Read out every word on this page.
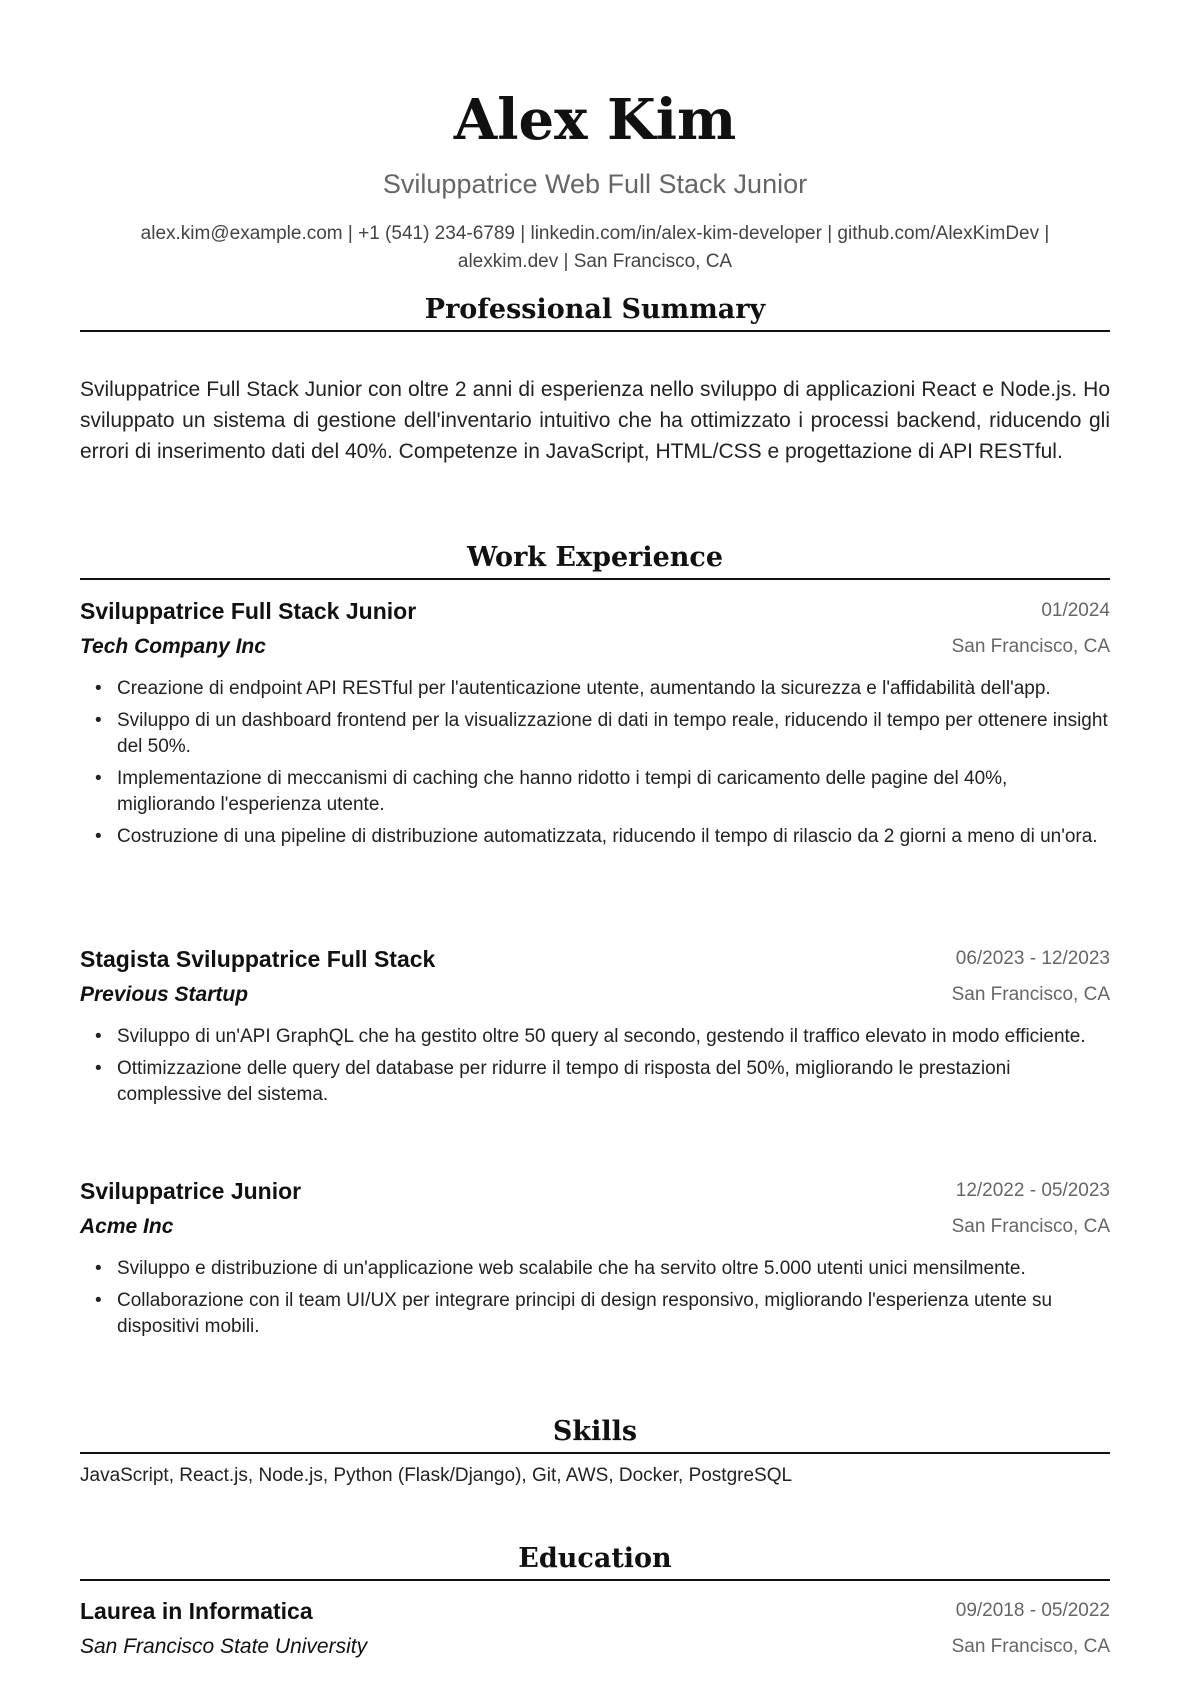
Alex Kim
Sviluppatrice Web Full Stack Junior
alex.kim@example.com | +1 (541) 234-6789 | linkedin.com/in/alex-kim-developer | github.com/AlexKimDev |
alexkim.dev | San Francisco, CA
Professional Summary
Sviluppatrice Full Stack Junior con oltre 2 anni di esperienza nello sviluppo di applicazioni React e Node.js. Ho sviluppato un sistema di gestione dell'inventario intuitivo che ha ottimizzato i processi backend, riducendo gli errori di inserimento dati del 40%. Competenze in JavaScript, HTML/CSS e progettazione di API RESTful.
Work Experience
Sviluppatrice Full Stack Junior	01/2024
Tech Company Inc	San Francisco, CA
• Creazione di endpoint API RESTful per l'autenticazione utente, aumentando la sicurezza e l'affidabilità dell'app.
• Sviluppo di un dashboard frontend per la visualizzazione di dati in tempo reale, riducendo il tempo per ottenere insight del 50%.
• Implementazione di meccanismi di caching che hanno ridotto i tempi di caricamento delle pagine del 40%, migliorando l'esperienza utente.
• Costruzione di una pipeline di distribuzione automatizzata, riducendo il tempo di rilascio da 2 giorni a meno di un'ora.
Stagista Sviluppatrice Full Stack	06/2023 - 12/2023
Previous Startup	San Francisco, CA
• Sviluppo di un'API GraphQL che ha gestito oltre 50 query al secondo, gestendo il traffico elevato in modo efficiente.
• Ottimizzazione delle query del database per ridurre il tempo di risposta del 50%, migliorando le prestazioni complessive del sistema.
Sviluppatrice Junior	12/2022 - 05/2023
Acme Inc	San Francisco, CA
• Sviluppo e distribuzione di un'applicazione web scalabile che ha servito oltre 5.000 utenti unici mensilmente.
• Collaborazione con il team UI/UX per integrare principi di design responsivo, migliorando l'esperienza utente su dispositivi mobili.
Skills
JavaScript, React.js, Node.js, Python (Flask/Django), Git, AWS, Docker, PostgreSQL
Education
Laurea in Informatica	09/2018 - 05/2022
San Francisco State University	San Francisco, CA
